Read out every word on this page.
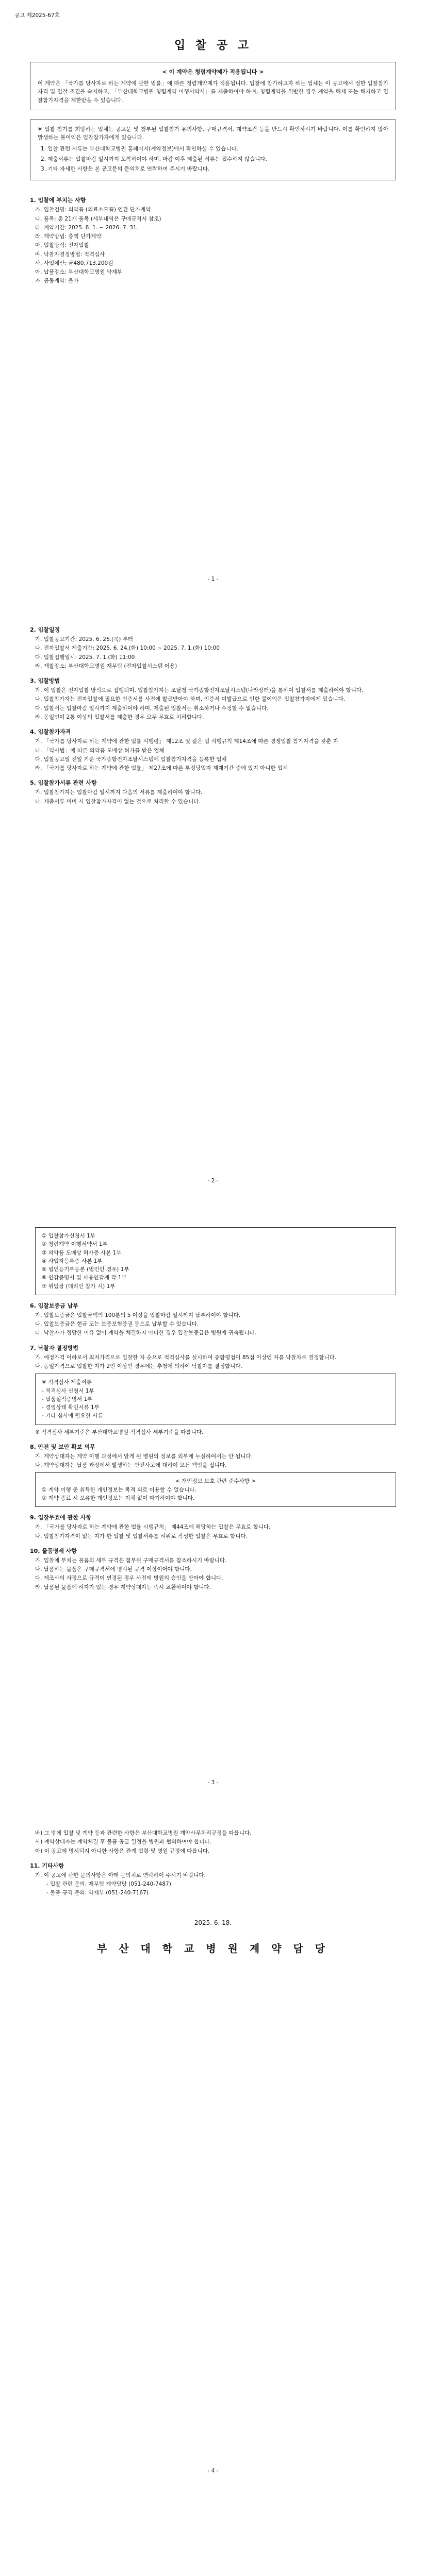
공고 제2025-67호
입 찰 공 고
< 이 계약은 청렴계약제가 적용됩니다 >

이 계약은 「국가를 당사자로 하는 계약에 관한 법률」에 따른 청렴계약제가 적용됩니다. 입찰에 참가하고자 하는 업체는 이 공고에서 정한 입찰참가자격 및 입찰 조건을 숙지하고, 「부산대학교병원 청렴계약 이행서약서」를 제출하여야 하며, 청렴계약을 위반한 경우 계약을 해제 또는 해지하고 입찰참가자격을 제한받을 수 있습니다.

※ 입찰 참가를 희망하는 업체는 공고문 및 첨부된 입찰참가 유의사항, 구매규격서, 계약조건 등을 반드시 확인하시기 바랍니다. 이를 확인하지 않아 발생하는 불이익은 입찰참가자에게 있습니다.

1. 입찰 관련 서류는 부산대학교병원 홈페이지(계약정보)에서 확인하실 수 있습니다.
2. 제출서류는 입찰마감 일시까지 도착하여야 하며, 마감 이후 제출된 서류는 접수하지 않습니다.
3. 기타 자세한 사항은 본 공고문의 문의처로 연락하여 주시기 바랍니다.
1. 입찰에 부치는 사항
가. 입찰건명: 의약품 (의료소모품) 연간 단가계약
나. 품목: 총 21개 품목 (세부내역은 구매규격서 참조)
다. 계약기간: 2025. 8. 1. ~ 2026. 7. 31.
라. 계약방법: 총액 단가계약
마. 입찰방식: 전자입찰
바. 낙찰자결정방법: 적격심사
사. 사업예산: 금480,713,200원
아. 납품장소: 부산대학교병원 약제부
자. 공동계약: 불가
- 1 -
2. 입찰일정
가. 입찰공고기간: 2025. 6. 26.(목) 부터
나. 전자입찰서 제출기간: 2025. 6. 24.(화) 10:00 ~ 2025. 7. 1.(화) 10:00
다. 입찰집행일시: 2025. 7. 1.(화) 11:00
라. 개찰장소: 부산대학교병원 재무팀 (전자입찰시스템 이용)
3. 입찰방법
가. 이 입찰은 전자입찰 방식으로 집행되며, 입찰참가자는 조달청 국가종합전자조달시스템(나라장터)을 통하여 입찰서를 제출하여야 합니다.
나. 입찰참가자는 전자입찰에 필요한 인증서를 사전에 발급받아야 하며, 인증서 미발급으로 인한 불이익은 입찰참가자에게 있습니다.
다. 입찰서는 입찰마감 일시까지 제출하여야 하며, 제출된 입찰서는 취소하거나 수정할 수 없습니다.
라. 동일인이 2통 이상의 입찰서를 제출한 경우 모두 무효로 처리합니다.
4. 입찰참가자격
가. 「국가를 당사자로 하는 계약에 관한 법률 시행령」 제12조 및 같은 법 시행규칙 제14조에 따른 경쟁입찰 참가자격을 갖춘 자
나. 「약사법」에 따른 의약품 도매상 허가를 받은 업체
다. 입찰공고일 전일 기준 국가종합전자조달시스템에 입찰참가자격을 등록한 업체
라. 「국가를 당사자로 하는 계약에 관한 법률」 제27조에 따른 부정당업자 제재기간 중에 있지 아니한 업체
5. 입찰참가서류 관련 사항
가. 입찰참가자는 입찰마감 일시까지 다음의 서류를 제출하여야 합니다.
나. 제출서류 미비 시 입찰참가자격이 없는 것으로 처리할 수 있습니다.
- 2 -

① 입찰참가신청서 1부

② 청렴계약 이행서약서 1부

③ 의약품 도매상 허가증 사본 1부

④ 사업자등록증 사본 1부

⑤ 법인등기부등본 (법인인 경우) 1부

⑥ 인감증명서 및 사용인감계 각 1부

⑦ 위임장 (대리인 참가 시) 1부

6. 입찰보증금 납부
가. 입찰보증금은 입찰금액의 100분의 5 이상을 입찰마감 일시까지 납부하여야 합니다.
나. 입찰보증금은 현금 또는 보증보험증권 등으로 납부할 수 있습니다.
다. 낙찰자가 정당한 이유 없이 계약을 체결하지 아니한 경우 입찰보증금은 병원에 귀속됩니다.
7. 낙찰자 결정방법
가. 예정가격 이하로서 최저가격으로 입찰한 자 순으로 적격심사를 실시하여 종합평점이 85점 이상인 자를 낙찰자로 결정합니다.
나. 동일가격으로 입찰한 자가 2인 이상인 경우에는 추첨에 의하여 낙찰자를 결정합니다.

※ 적격심사 제출서류

- 적격심사 신청서 1부

- 납품실적증명서 1부

- 경영상태 확인서류 1부

- 기타 심사에 필요한 서류

※ 적격심사 세부기준은 부산대학교병원 적격심사 세부기준을 따릅니다.

8. 안전 및 보안 확보 의무
가. 계약상대자는 계약 이행 과정에서 알게 된 병원의 정보를 외부에 누설하여서는 안 됩니다.
나. 계약상대자는 납품 과정에서 발생하는 안전사고에 대하여 모든 책임을 집니다.

< 개인정보 보호 관련 준수사항 >

① 계약 이행 중 취득한 개인정보는 목적 외로 이용할 수 없습니다.

② 계약 종료 시 보유한 개인정보는 지체 없이 파기하여야 합니다.

9. 입찰무효에 관한 사항
가. 「국가를 당사자로 하는 계약에 관한 법률 시행규칙」 제44조에 해당하는 입찰은 무효로 합니다.
나. 입찰참가자격이 없는 자가 한 입찰 및 입찰서류를 허위로 작성한 입찰은 무효로 합니다.
10. 물품명세 사항
가. 입찰에 부치는 물품의 세부 규격은 첨부된 구매규격서를 참조하시기 바랍니다.
나. 납품하는 물품은 구매규격서에 명시된 규격 이상이어야 합니다.
다. 제조사의 사정으로 규격이 변경된 경우 사전에 병원의 승인을 받아야 합니다.
라. 납품된 물품에 하자가 있는 경우 계약상대자는 즉시 교환하여야 합니다.
- 3 -
바) 그 밖에 입찰 및 계약 등과 관련한 사항은 부산대학교병원 계약사무처리규정을 따릅니다.
사) 계약상대자는 계약체결 후 물품 공급 일정을 병원과 협의하여야 합니다.
아) 이 공고에 명시되지 아니한 사항은 관계 법령 및 병원 규정에 따릅니다.
11. 기타사항
가. 이 공고에 관한 문의사항은 아래 문의처로 연락하여 주시기 바랍니다.
- 입찰 관련 문의: 재무팀 계약담당 (051-240-7487)
- 물품 규격 문의: 약제부 (051-240-7167)
2025. 6. 18.
부 산 대 학 교 병 원 계 약 담 당
- 4 -
